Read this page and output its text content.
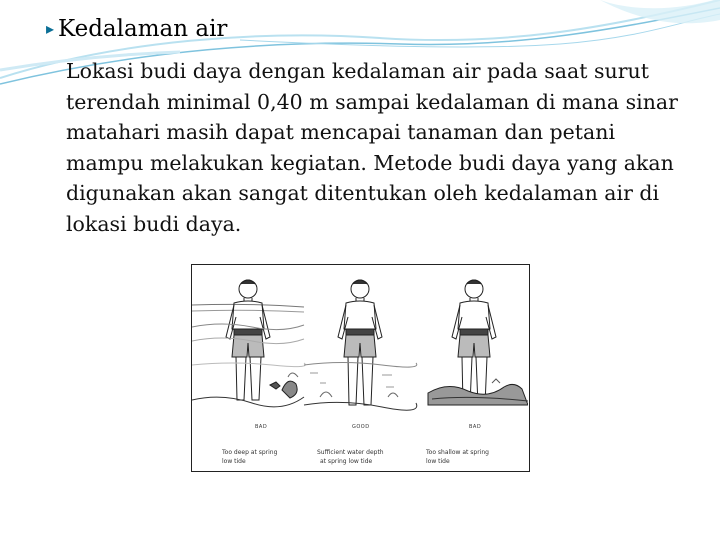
▸ Kedalaman air

Lokasi budi daya dengan kedalaman air pada saat surut terendah minimal 0,40 m sampai kedalaman di mana sinar matahari masih dapat mencapai tanaman dan petani mampu melakukan kegiatan. Metode budi daya yang akan digunakan akan sangat ditentukan oleh kedalaman air di lokasi budi daya.

BAD	GOOD	BAD
Too deep at spring
low tide
Sufficient water depth
at spring low tide
Too shallow at spring
low tide
